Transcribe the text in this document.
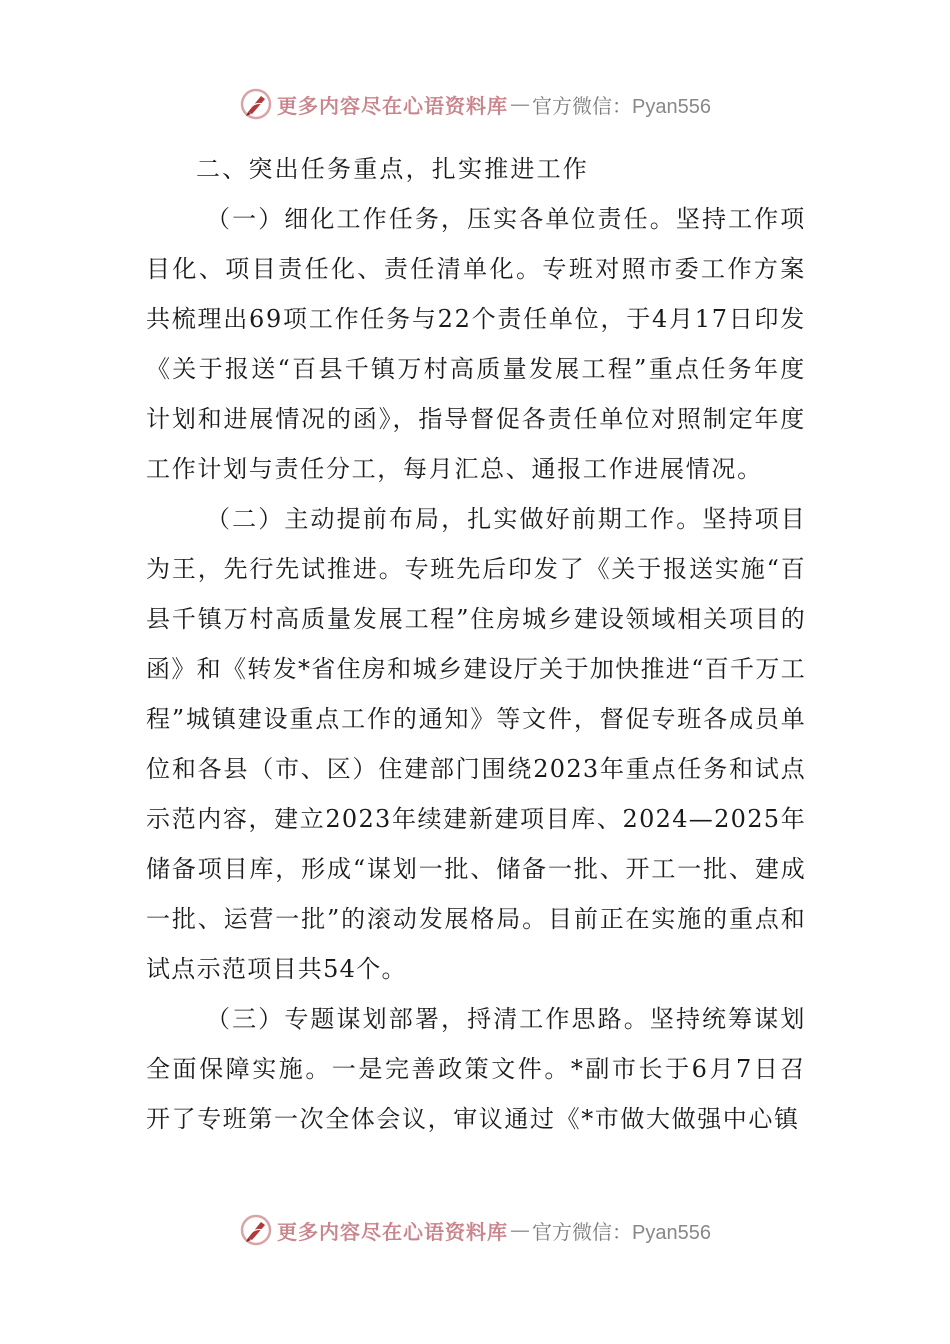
更多内容尽在心语资料库 — 官方微信：Pyan556

二、突出任务重点，扎实推进工作

（一）细化工作任务，压实各单位责任。坚持工作项目化、项目责任化、责任清单化。专班对照市委工作方案共梳理出69项工作任务与22个责任单位，于4月17日印发《关于报送“百县千镇万村高质量发展工程”重点任务年度计划和进展情况的函》，指导督促各责任单位对照制定年度工作计划与责任分工，每月汇总、通报工作进展情况。

（二）主动提前布局，扎实做好前期工作。坚持项目为王，先行先试推进。专班先后印发了《关于报送实施“百县千镇万村高质量发展工程”住房城乡建设领域相关项目的函》和《转发*省住房和城乡建设厅关于加快推进“百千万工程”城镇建设重点工作的通知》等文件，督促专班各成员单位和各县（市、区）住建部门围绕2023年重点任务和试点示范内容，建立2023年续建新建项目库、2024—2025年储备项目库，形成“谋划一批、储备一批、开工一批、建成一批、运营一批”的滚动发展格局。目前正在实施的重点和试点示范项目共54个。

（三）专题谋划部署，捋清工作思路。坚持统筹谋划全面保障实施。一是完善政策文件。*副市长于6月7日召开了专班第一次全体会议，审议通过《*市做大做强中心镇

更多内容尽在心语资料库 — 官方微信：Pyan556
